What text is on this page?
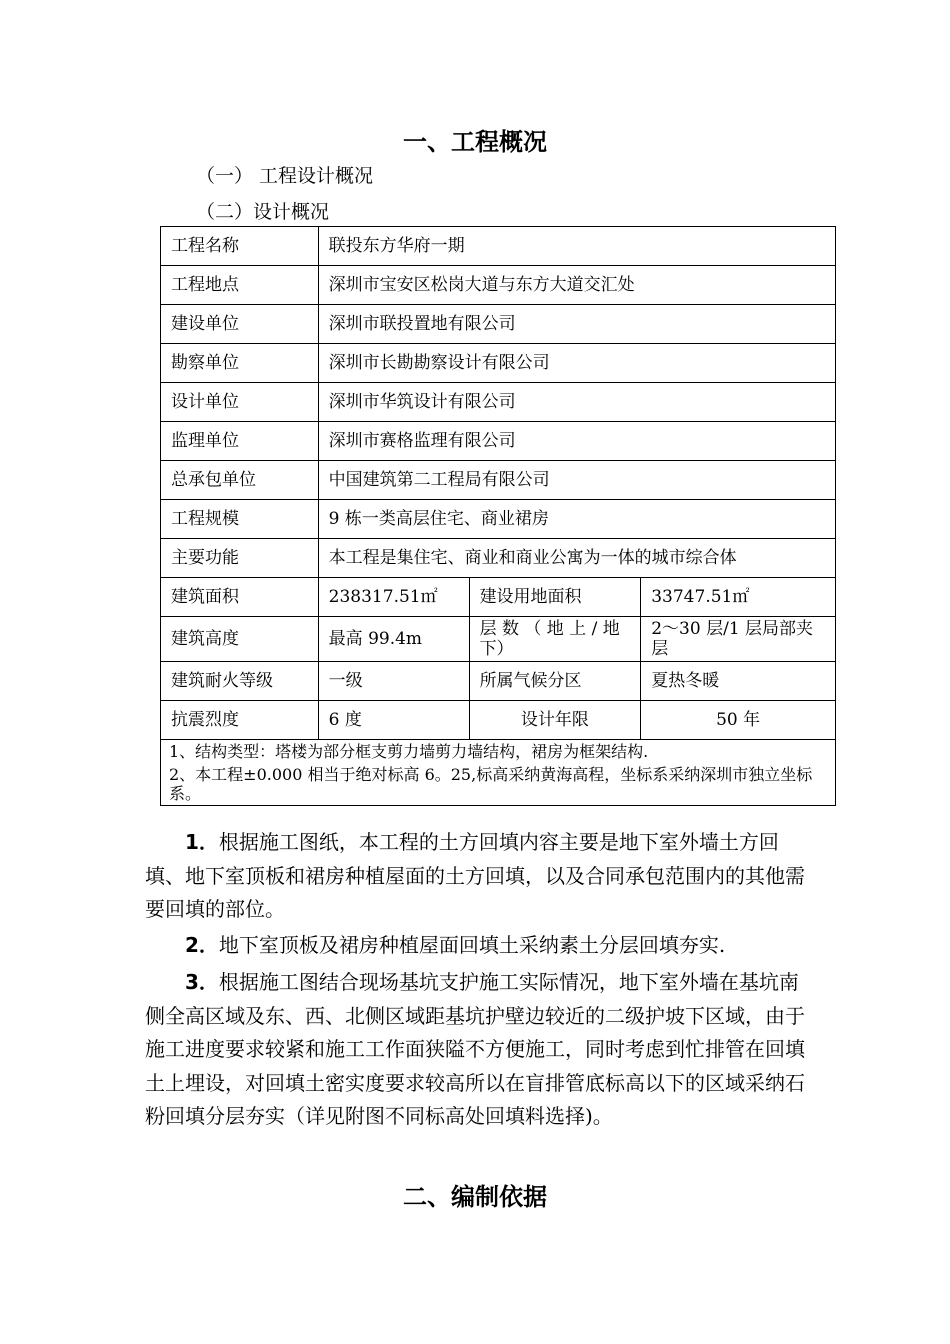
一、工程概况
（一） 工程设计概况
（二）设计概况
工程名称	联投东方华府一期		
工程地点	深圳市宝安区松岗大道与东方大道交汇处		
建设单位	深圳市联投置地有限公司		
勘察单位	深圳市长勘勘察设计有限公司		
设计单位	深圳市华筑设计有限公司		
监理单位	深圳市赛格监理有限公司		
总承包单位	中国建筑第二工程局有限公司		
工程规模	9 栋一类高层住宅、商业裙房		
主要功能	本工程是集住宅、商业和商业公寓为一体的城市综合体		
建筑面积	238317.51㎡	建设用地面积	33747.51㎡
建筑高度	最高 99.4m	层 数 （ 地 上 / 地 下）	2～30 层/1 层局部夹层
建筑耐火等级	一级	所属气候分区	夏热冬暖
抗震烈度	6 度	设计年限	50 年

1、结构类型：塔楼为部分框支剪力墙剪力墙结构，裙房为框架结构.
2、本工程±0.000 相当于绝对标高 6。25,标高采纳黄海高程，坐标系采纳深圳市独立坐标系。			
1．根据施工图纸，本工程的土方回填内容主要是地下室外墙土方回填、地下室顶板和裙房种植屋面的土方回填，以及合同承包范围内的其他需要回填的部位。
2．地下室顶板及裙房种植屋面回填土采纳素土分层回填夯实.
3．根据施工图结合现场基坑支护施工实际情况，地下室外墙在基坑南侧全高区域及东、西、北侧区域距基坑护壁边较近的二级护坡下区域，由于施工进度要求较紧和施工工作面狭隘不方便施工，同时考虑到忙排管在回填土上埋设，对回填土密实度要求较高所以在盲排管底标高以下的区域采纳石粉回填分层夯实（详见附图不同标高处回填料选择)。
二、编制依据
